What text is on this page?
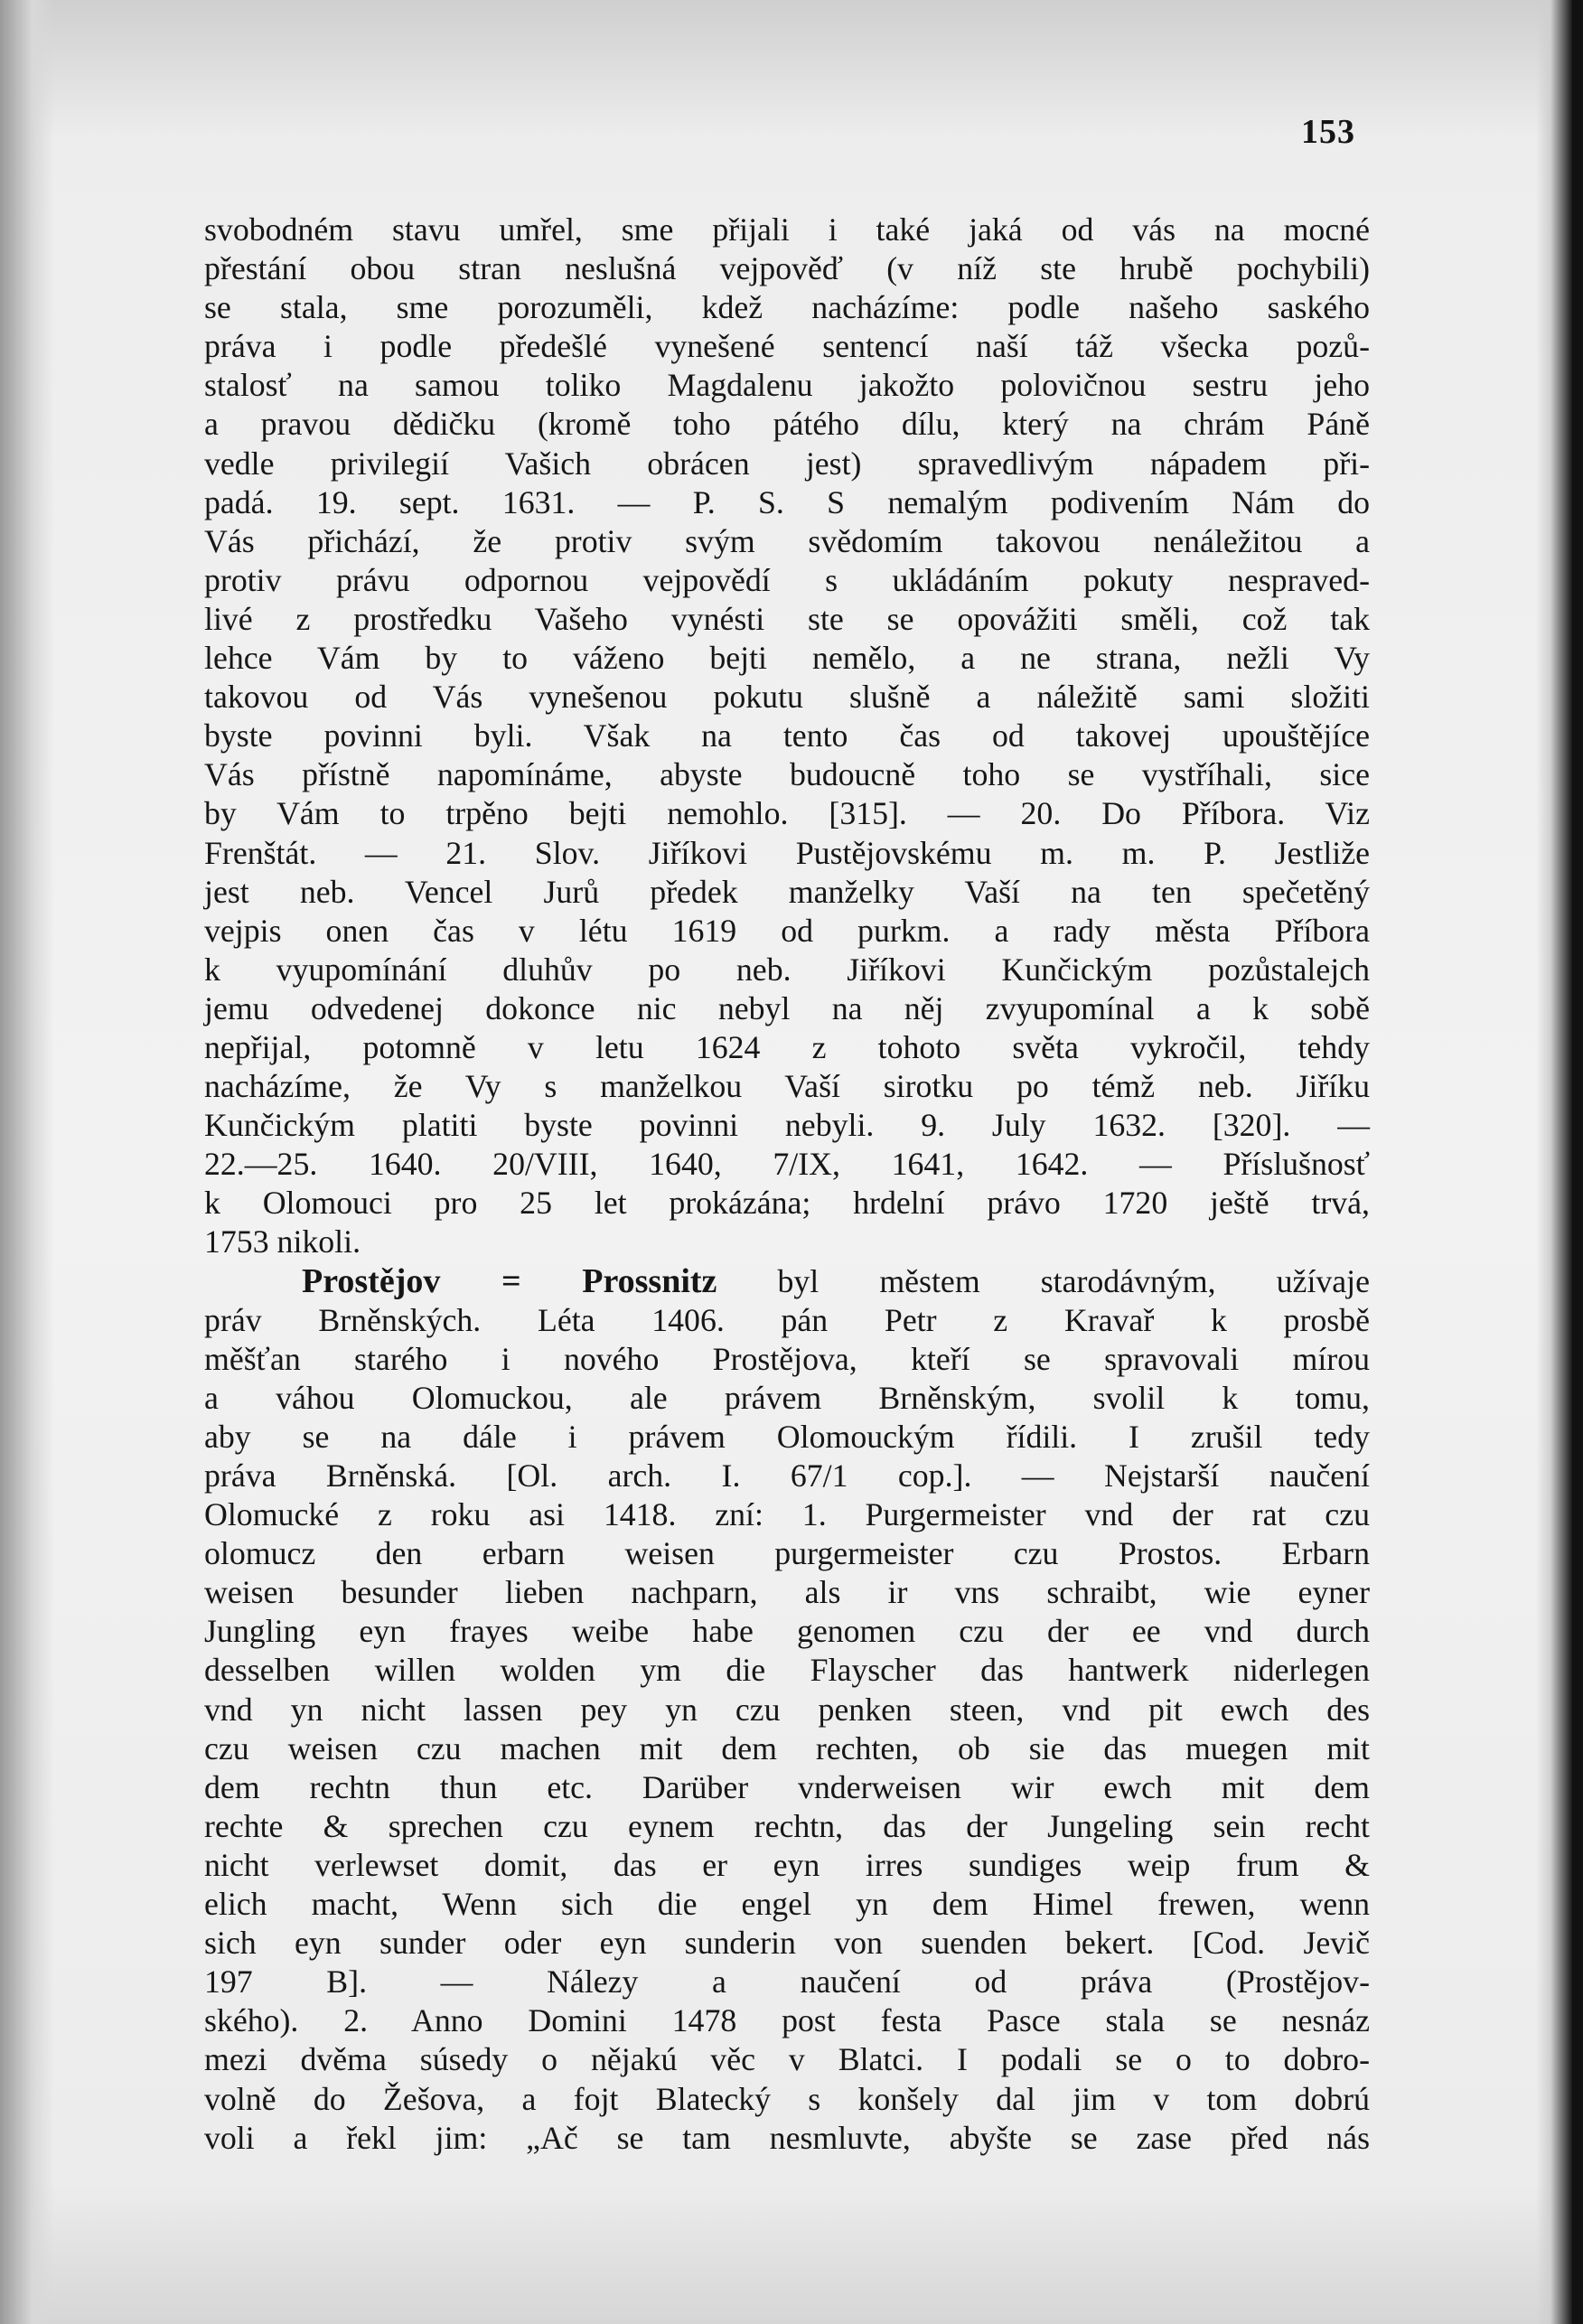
153
svobodném stavu umřel, sme přijali i také jaká od vás na mocné
přestání obou stran neslušná vejpověď (v níž ste hrubě pochybili)
se stala, sme porozuměli, kdež nacházíme: podle našeho saského
práva i podle předešlé vynešené sentencí naší táž všecka pozů-
stalosť na samou toliko Magdalenu jakožto polovičnou sestru jeho
a pravou dědičku (kromě toho pátého dílu, který na chrám Páně
vedle privilegií Vašich obrácen jest) spravedlivým nápadem při-
padá. 19. sept. 1631. — P. S. S nemalým podivením Nám do
Vás přichází, že protiv svým svědomím takovou nenáležitou a
protiv právu odpornou vejpovědí s ukládáním pokuty nespraved-
livé z prostředku Vašeho vynésti ste se opovážiti směli, což tak
lehce Vám by to váženo bejti nemělo, a ne strana, nežli Vy
takovou od Vás vynešenou pokutu slušně a náležitě sami složiti
byste povinni byli. Však na tento čas od takovej upouštějíce
Vás přístně napomínáme, abyste budoucně toho se vystříhali, sice
by Vám to trpěno bejti nemohlo. [315]. — 20. Do Příbora. Viz
Frenštát. — 21. Slov. Jiříkovi Pustějovskému m. m. P. Jestliže
jest neb. Vencel Jurů předek manželky Vaší na ten spečetěný
vejpis onen čas v létu 1619 od purkm. a rady města Příbora
k vyupomínání dluhův po neb. Jiříkovi Kunčickým pozůstalejch
jemu odvedenej dokonce nic nebyl na něj zvyupomínal a k sobě
nepřijal, potomně v letu 1624 z tohoto světa vykročil, tehdy
nacházíme, že Vy s manželkou Vaší sirotku po témž neb. Jiříku
Kunčickým platiti byste povinni nebyli. 9. July 1632. [320]. —
22.—25. 1640. 20/VIII, 1640, 7/IX, 1641, 1642. — Příslušnosť
k Olomouci pro 25 let prokázána; hrdelní právo 1720 ještě trvá,
1753 nikoli.
Prostějov = Prossnitz byl městem starodávným, užívaje
práv Brněnských. Léta 1406. pán Petr z Kravař k prosbě
měšťan starého i nového Prostějova, kteří se spravovali mírou
a váhou Olomuckou, ale právem Brněnským, svolil k tomu,
aby se na dále i právem Olomouckým řídili. I zrušil tedy
práva Brněnská. [Ol. arch. I. 67/1 cop.]. — Nejstarší naučení
Olomucké z roku asi 1418. zní: 1. Purgermeister vnd der rat czu
olomucz den erbarn weisen purgermeister czu Prostos. Erbarn
weisen besunder lieben nachparn, als ir vns schraibt, wie eyner
Jungling eyn frayes weibe habe genomen czu der ee vnd durch
desselben willen wolden ym die Flayscher das hantwerk niderlegen
vnd yn nicht lassen pey yn czu penken steen, vnd pit ewch des
czu weisen czu machen mit dem rechten, ob sie das muegen mit
dem rechtn thun etc. Darüber vnderweisen wir ewch mit dem
rechte & sprechen czu eynem rechtn, das der Jungeling sein recht
nicht verlewset domit, das er eyn irres sundiges weip frum &
elich macht, Wenn sich die engel yn dem Himel frewen, wenn
sich eyn sunder oder eyn sunderin von suenden bekert. [Cod. Jevič
197 B]. — Nálezy a naučení od práva (Prostějov-
ského). 2. Anno Domini 1478 post festa Pasce stala se nesnáz
mezi dvěma súsedy o nějakú věc v Blatci. I podali se o to dobro-
volně do Žešova, a fojt Blatecký s konšely dal jim v tom dobrú
voli a řekl jim: „Ač se tam nesmluvte, abyšte se zase před nás
